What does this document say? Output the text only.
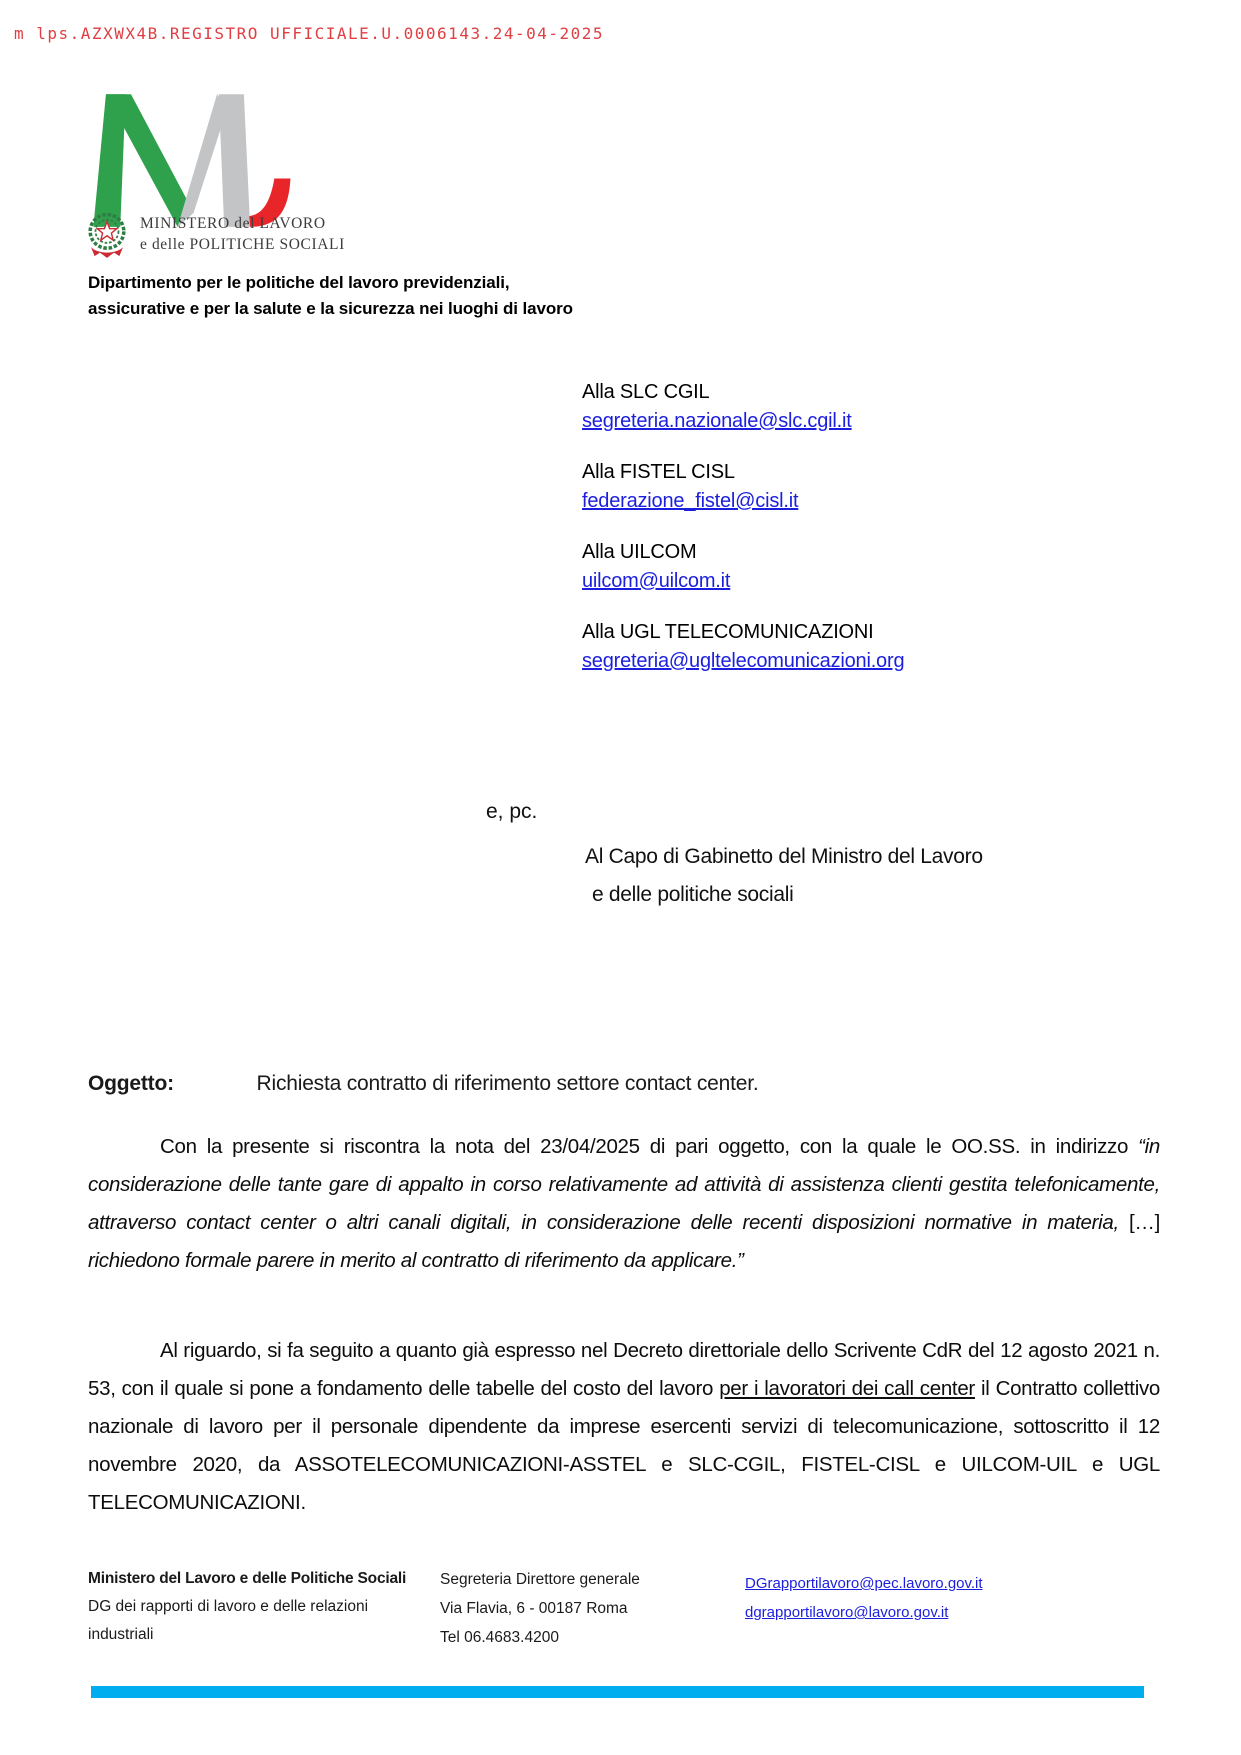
m lps.AZXWX4B.REGISTRO UFFICIALE.U.0006143.24-04-2025
MINISTERO del LAVORO
e delle POLITICHE SOCIALI
Dipartimento per le politiche del lavoro previdenziali,
assicurative e per la salute e la sicurezza nei luoghi di lavoro
Alla SLC CGIL
segreteria.nazionale@slc.cgil.it
Alla FISTEL CISL
federazione_fistel@cisl.it
Alla UILCOM
uilcom@uilcom.it
Alla UGL TELECOMUNICAZIONI
segreteria@ugltelecomunicazioni.org
e, pc.
Al Capo di Gabinetto del Ministro del Lavoro
e delle politiche sociali
Oggetto:	Richiesta contratto di riferimento settore contact center.
Con la presente si riscontra la nota del 23/04/2025 di pari oggetto, con la quale le OO.SS. in indirizzo “in considerazione delle tante gare di appalto in corso relativamente ad attività di assistenza clienti gestita telefonicamente, attraverso contact center o altri canali digitali, in considerazione delle recenti disposizioni normative in materia, […] richiedono formale parere in merito al contratto di riferimento da applicare.”
Al riguardo, si fa seguito a quanto già espresso nel Decreto direttoriale dello Scrivente CdR del 12 agosto 2021 n. 53, con il quale si pone a fondamento delle tabelle del costo del lavoro per i lavoratori dei call center il Contratto collettivo nazionale di lavoro per il personale dipendente da imprese esercenti servizi di telecomunicazione, sottoscritto il 12 novembre 2020, da ASSOTELECOMUNICAZIONI-ASSTEL e SLC-CGIL, FISTEL-CISL e UILCOM-UIL e UGL TELECOMUNICAZIONI.
Ministero del Lavoro e delle Politiche Sociali
DG dei rapporti di lavoro e delle relazioni
industriali
Segreteria Direttore generale
Via Flavia, 6 - 00187 Roma
Tel 06.4683.4200
DGrapportilavoro@pec.lavoro.gov.it
dgrapportilavoro@lavoro.gov.it
